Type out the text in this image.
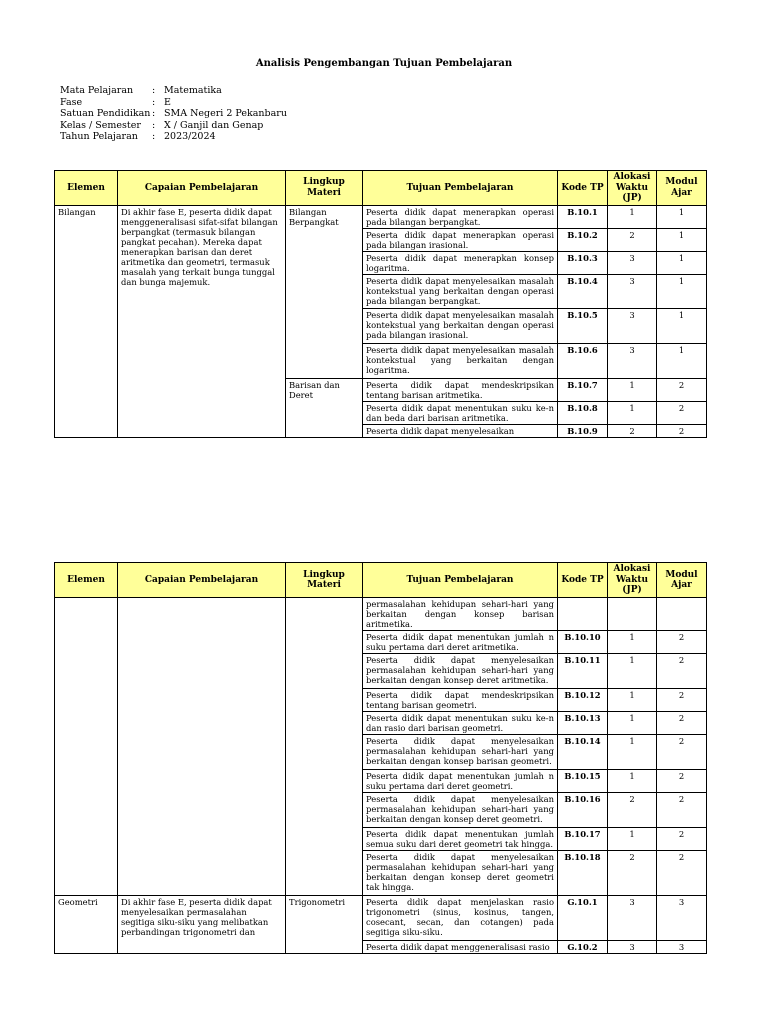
Analisis Pengembangan Tujuan Pembelajaran
Mata Pelajaran	: Matematika
Fase	: E
Satuan Pendidikan : SMA Negeri 2 Pekanbaru
Kelas / Semester	: X / Ganjil dan Genap
Tahun Pelajaran	: 2023/2024
Elemen	Capaian Pembelajaran	Lingkup Materi	Tujuan Pembelajaran	Kode TP	Alokasi Waktu (JP)	Modul Ajar
Bilangan	Di akhir fase E, peserta didik dapat menggeneralisasi sifat-sifat bilangan berpangkat (termasuk bilangan pangkat pecahan). Mereka dapat menerapkan barisan dan deret aritmetika dan geometri, termasuk masalah yang terkait bunga tunggal dan bunga majemuk.	Bilangan Berpangkat	Peserta didik dapat menerapkan operasi pada bilangan berpangkat.	B.10.1	1	1
			Peserta didik dapat menerapkan operasi pada bilangan irasional.	B.10.2	2	1
			Peserta didik dapat menerapkan konsep logaritma.	B.10.3	3	1
			Peserta didik dapat menyelesaikan masalah kontekstual yang berkaitan dengan operasi pada bilangan berpangkat.	B.10.4	3	1
			Peserta didik dapat menyelesaikan masalah kontekstual yang berkaitan dengan operasi pada bilangan irasional.	B.10.5	3	1
			Peserta didik dapat menyelesaikan masalah kontekstual yang berkaitan dengan logaritma.	B.10.6	3	1
		Barisan dan Deret	Peserta didik dapat mendeskripsikan tentang barisan aritmetika.	B.10.7	1	2
			Peserta didik dapat menentukan suku ke-n dan beda dari barisan aritmetika.	B.10.8	1	2
			Peserta didik dapat menyelesaikan	B.10.9	2	2
Elemen	Capaian Pembelajaran	Lingkup Materi	Tujuan Pembelajaran	Kode TP	Alokasi Waktu (JP)	Modul Ajar
			permasalahan kehidupan sehari-hari yang berkaitan dengan konsep barisan aritmetika.			
			Peserta didik dapat menentukan jumlah n suku pertama dari deret aritmetika.	B.10.10	1	2
			Peserta didik dapat menyelesaikan permasalahan kehidupan sehari-hari yang berkaitan dengan konsep deret aritmetika.	B.10.11	1	2
			Peserta didik dapat mendeskripsikan tentang barisan geometri.	B.10.12	1	2
			Peserta didik dapat menentukan suku ke-n dan rasio dari barisan geometri.	B.10.13	1	2
			Peserta didik dapat menyelesaikan permasalahan kehidupan sehari-hari yang berkaitan dengan konsep barisan geometri.	B.10.14	1	2
			Peserta didik dapat menentukan jumlah n suku pertama dari deret geometri.	B.10.15	1	2
			Peserta didik dapat menyelesaikan permasalahan kehidupan sehari-hari yang berkaitan dengan konsep deret geometri.	B.10.16	2	2
			Peserta didik dapat menentukan jumlah semua suku dari deret geometri tak hingga.	B.10.17	1	2
			Peserta didik dapat menyelesaikan permasalahan kehidupan sehari-hari yang berkaitan dengan konsep deret geometri tak hingga.	B.10.18	2	2
Geometri	Di akhir fase E, peserta didik dapat menyelesaikan permasalahan segitiga siku-siku yang melibatkan perbandingan trigonometri dan	Trigonometri	Peserta didik dapat menjelaskan rasio trigonometri (sinus, kosinus, tangen, cosecant, secan, dan cotangen) pada segitiga siku-siku.	G.10.1	3	3
			Peserta didik dapat menggeneralisasi rasio	G.10.2	3	3
